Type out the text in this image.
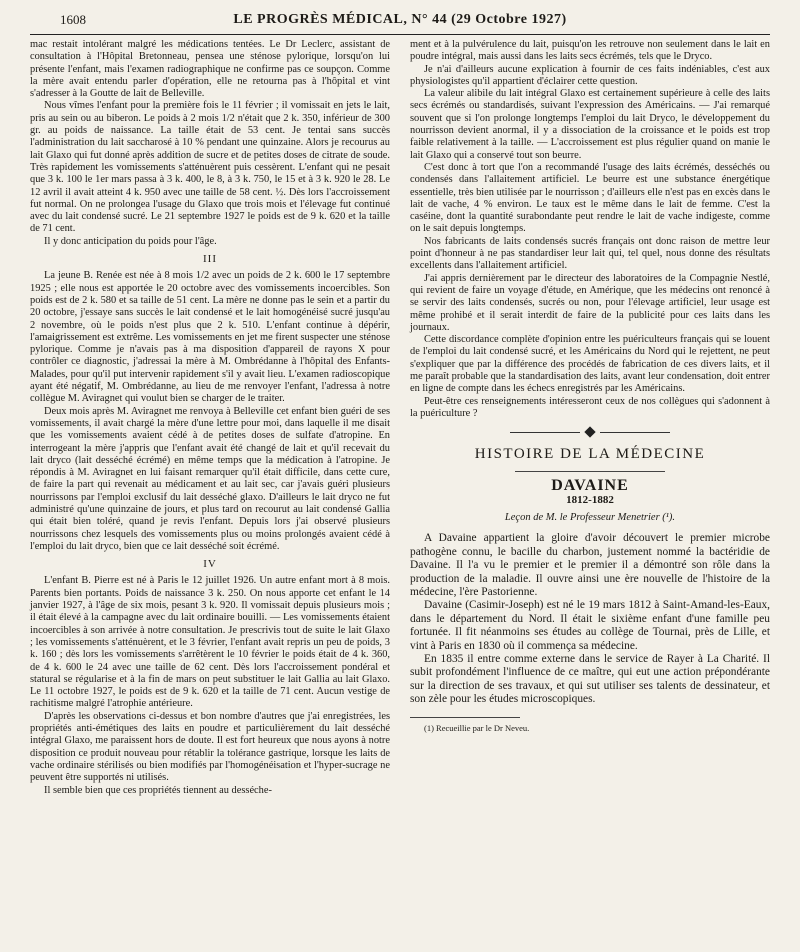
1608	LE PROGRÈS MÉDICAL, N° 44 (29 Octobre 1927)

mac restait intolérant malgré les médications tentées. Le Dr Leclerc, assistant de consultation à l'Hôpital Bretonneau, pensea une sténose pylorique, lorsqu'on lui présente l'enfant, mais l'examen radiographique ne confirme pas ce soupçon. Comme la mère avait entendu parler d'opération, elle ne retourna pas à l'hôpital et vint s'adresser à la Goutte de lait de Belleville.

Nous vîmes l'enfant pour la première fois le 11 février ; il vomissait en jets le lait, pris au sein ou au biberon. Le poids à 2 mois 1/2 n'était que 2 k. 350, inférieur de 300 gr. au poids de naissance. La taille était de 53 cent. Je tentai sans succès l'administration du lait saccharosé à 10 % pendant une quinzaine. Alors je recourus au lait Glaxo qui fut donné après addition de sucre et de petites doses de citrate de soude. Très rapidement les vomissements s'atténuèrent puis cessèrent. L'enfant qui ne pesait que 3 k. 100 le 1er mars passa à 3 k. 400, le 8, à 3 k. 750, le 15 et à 3 k. 920 le 28. Le 12 avril il avait atteint 4 k. 950 avec une taille de 58 cent. ½. Dès lors l'accroissement fut normal. On ne prolongea l'usage du Glaxo que trois mois et l'élevage fut continué avec du lait condensé sucré. Le 21 septembre 1927 le poids est de 9 k. 620 et la taille de 71 cent.

Il y donc anticipation du poids pour l'âge.

III

La jeune B. Renée est née à 8 mois 1/2 avec un poids de 2 k. 600 le 17 septembre 1925 ; elle nous est apportée le 20 octobre avec des vomissements incoercibles. Son poids est de 2 k. 580 et sa taille de 51 cent. La mère ne donne pas le sein et a partir du 20 octobre, j'essaye sans succès le lait condensé et le lait homogénéisé sucré jusqu'au 2 novembre, où le poids n'est plus que 2 k. 510. L'enfant continue à dépérir, l'amaigrissement est extrême. Les vomissements en jet me firent suspecter une sténose pylorique. Comme je n'avais pas à ma disposition d'appareil de rayons X pour contrôler ce diagnostic, j'adressai la mère à M. Ombrédanne à l'hôpital des Enfants-Malades, pour qu'il put intervenir rapidement s'il y avait lieu. L'examen radioscopique ayant été négatif, M. Ombrédanne, au lieu de me renvoyer l'enfant, l'adressa à notre collègue M. Aviragnet qui voulut bien se charger de le traiter.

Deux mois après M. Aviragnet me renvoya à Belleville cet enfant bien guéri de ses vomissements, il avait chargé la mère d'une lettre pour moi, dans laquelle il me disait que les vomissements avaient cédé à de petites doses de sulfate d'atropine. En interrogeant la mère j'appris que l'enfant avait été changé de lait et qu'il recevait du lait dryco (lait desséché écrémé) en même temps que la médication à l'atropine. Je répondis à M. Aviragnet en lui faisant remarquer qu'il était difficile, dans cette cure, de faire la part qui revenait au médicament et au lait sec, car j'avais guéri plusieurs nourrissons par l'emploi exclusif du lait desséché glaxo. D'ailleurs le lait dryco ne fut administré qu'une quinzaine de jours, et plus tard on recourut au lait condensé Gallia qui était bien toléré, quand je revis l'enfant. Depuis lors j'ai observé plusieurs nourrissons chez lesquels des vomissements plus ou moins prolongés avaient cédé à l'emploi du lait dryco, bien que ce lait desséché soit écrémé.

IV

L'enfant B. Pierre est né à Paris le 12 juillet 1926. Un autre enfant mort à 8 mois. Parents bien portants. Poids de naissance 3 k. 250. On nous apporte cet enfant le 14 janvier 1927, à l'âge de six mois, pesant 3 k. 920. Il vomissait depuis plusieurs mois ; il était élevé à la campagne avec du lait ordinaire bouilli. — Les vomissements étaient incoercibles à son arrivée à notre consultation. Je prescrivis tout de suite le lait Glaxo ; les vomissements s'atténuèrent, et le 3 février, l'enfant avait repris un peu de poids, 3 k. 160 ; dès lors les vomissements s'arrêtèrent le 10 février le poids était de 4 k. 360, de 4 k. 600 le 24 avec une taille de 62 cent. Dès lors l'accroissement pondéral et statural se régularise et à la fin de mars on peut substituer le lait Gallia au lait Glaxo. Le 11 octobre 1927, le poids est de 9 k. 620 et la taille de 71 cent. Aucun vestige de rachitisme malgré l'atrophie antérieure.

D'après les observations ci-dessus et bon nombre d'autres que j'ai enregistrées, les propriétés anti-émétiques des laits en poudre et particulièrement du lait desséché intégral Glaxo, me paraissent hors de doute. Il est fort heureux que nous ayons à notre disposition ce produit nouveau pour rétablir la tolérance gastrique, lorsque les laits de vache ordinaire stérilisés ou bien modifiés par l'homogénéisation et l'hyper-sucrage ne peuvent être supportés ni utilisés.

Il semble bien que ces propriétés tiennent au desséche-

ment et à la pulvérulence du lait, puisqu'on les retrouve non seulement dans le lait en poudre intégral, mais aussi dans les laits secs écrémés, tels que le Dryco.

Je n'ai d'ailleurs aucune explication à fournir de ces faits indéniables, c'est aux physiologistes qu'il appartient d'éclairer cette question.

La valeur alibile du lait intégral Glaxo est certainement supérieure à celle des laits secs écrémés ou standardisés, suivant l'expression des Américains. — J'ai remarqué souvent que si l'on prolonge longtemps l'emploi du lait Dryco, le développement du nourrisson devient anormal, il y a dissociation de la croissance et le poids est trop faible relativement à la taille. — L'accroissement est plus régulier quand on manie le lait Glaxo qui a conservé tout son beurre.

C'est donc à tort que l'on a recommandé l'usage des laits écrémés, desséchés ou condensés dans l'allaitement artificiel. Le beurre est une substance énergétique essentielle, très bien utilisée par le nourrisson ; d'ailleurs elle n'est pas en excès dans le lait de vache, 4 % environ. Le taux est le même dans le lait de femme. C'est la caséine, dont la quantité surabondante peut rendre le lait de vache indigeste, comme on le sait depuis longtemps.

Nos fabricants de laits condensés sucrés français ont donc raison de mettre leur point d'honneur à ne pas standardiser leur lait qui, tel quel, nous donne des résultats excellents dans l'allaitement artificiel.

J'ai appris dernièrement par le directeur des laboratoires de la Compagnie Nestlé, qui revient de faire un voyage d'étude, en Amérique, que les médecins ont renoncé à se servir des laits condensés, sucrés ou non, pour l'élevage artificiel, leur usage est même prohibé et il serait interdit de faire de la publicité pour ces laits dans les journaux.

Cette discordance complète d'opinion entre les puériculteurs français qui se louent de l'emploi du lait condensé sucré, et les Américains du Nord qui le rejettent, ne peut s'expliquer que par la différence des procédés de fabrication de ces divers laits, et il me paraît probable que la standardisation des laits, avant leur condensation, doit entrer en ligne de compte dans les échecs enregistrés par les Américains.

Peut-être ces renseignements intéresseront ceux de nos collègues qui s'adonnent à la puériculture ?

HISTOIRE DE LA MÉDECINE
DAVAINE
1812-1882
Leçon de M. le Professeur Menetrier (¹).

A Davaine appartient la gloire d'avoir découvert le premier microbe pathogène connu, le bacille du charbon, justement nommé la bactéridie de Davaine. Il l'a vu le premier et le premier il a démontré son rôle dans la production de la maladie. Il ouvre ainsi une ère nouvelle de l'histoire de la médecine, l'ère Pastorienne.

Davaine (Casimir-Joseph) est né le 19 mars 1812 à Saint-Amand-les-Eaux, dans le département du Nord. Il était le sixième enfant d'une famille peu fortunée. Il fit néanmoins ses études au collège de Tournai, près de Lille, et vint à Paris en 1830 où il commença sa médecine.

En 1835 il entre comme externe dans le service de Rayer à La Charité. Il subit profondément l'influence de ce maître, qui eut une action prépondérante sur la direction de ses travaux, et qui sut utiliser ses talents de dessinateur, et son zèle pour les études microscopiques.

(1) Recueillie par le Dr Neveu.
